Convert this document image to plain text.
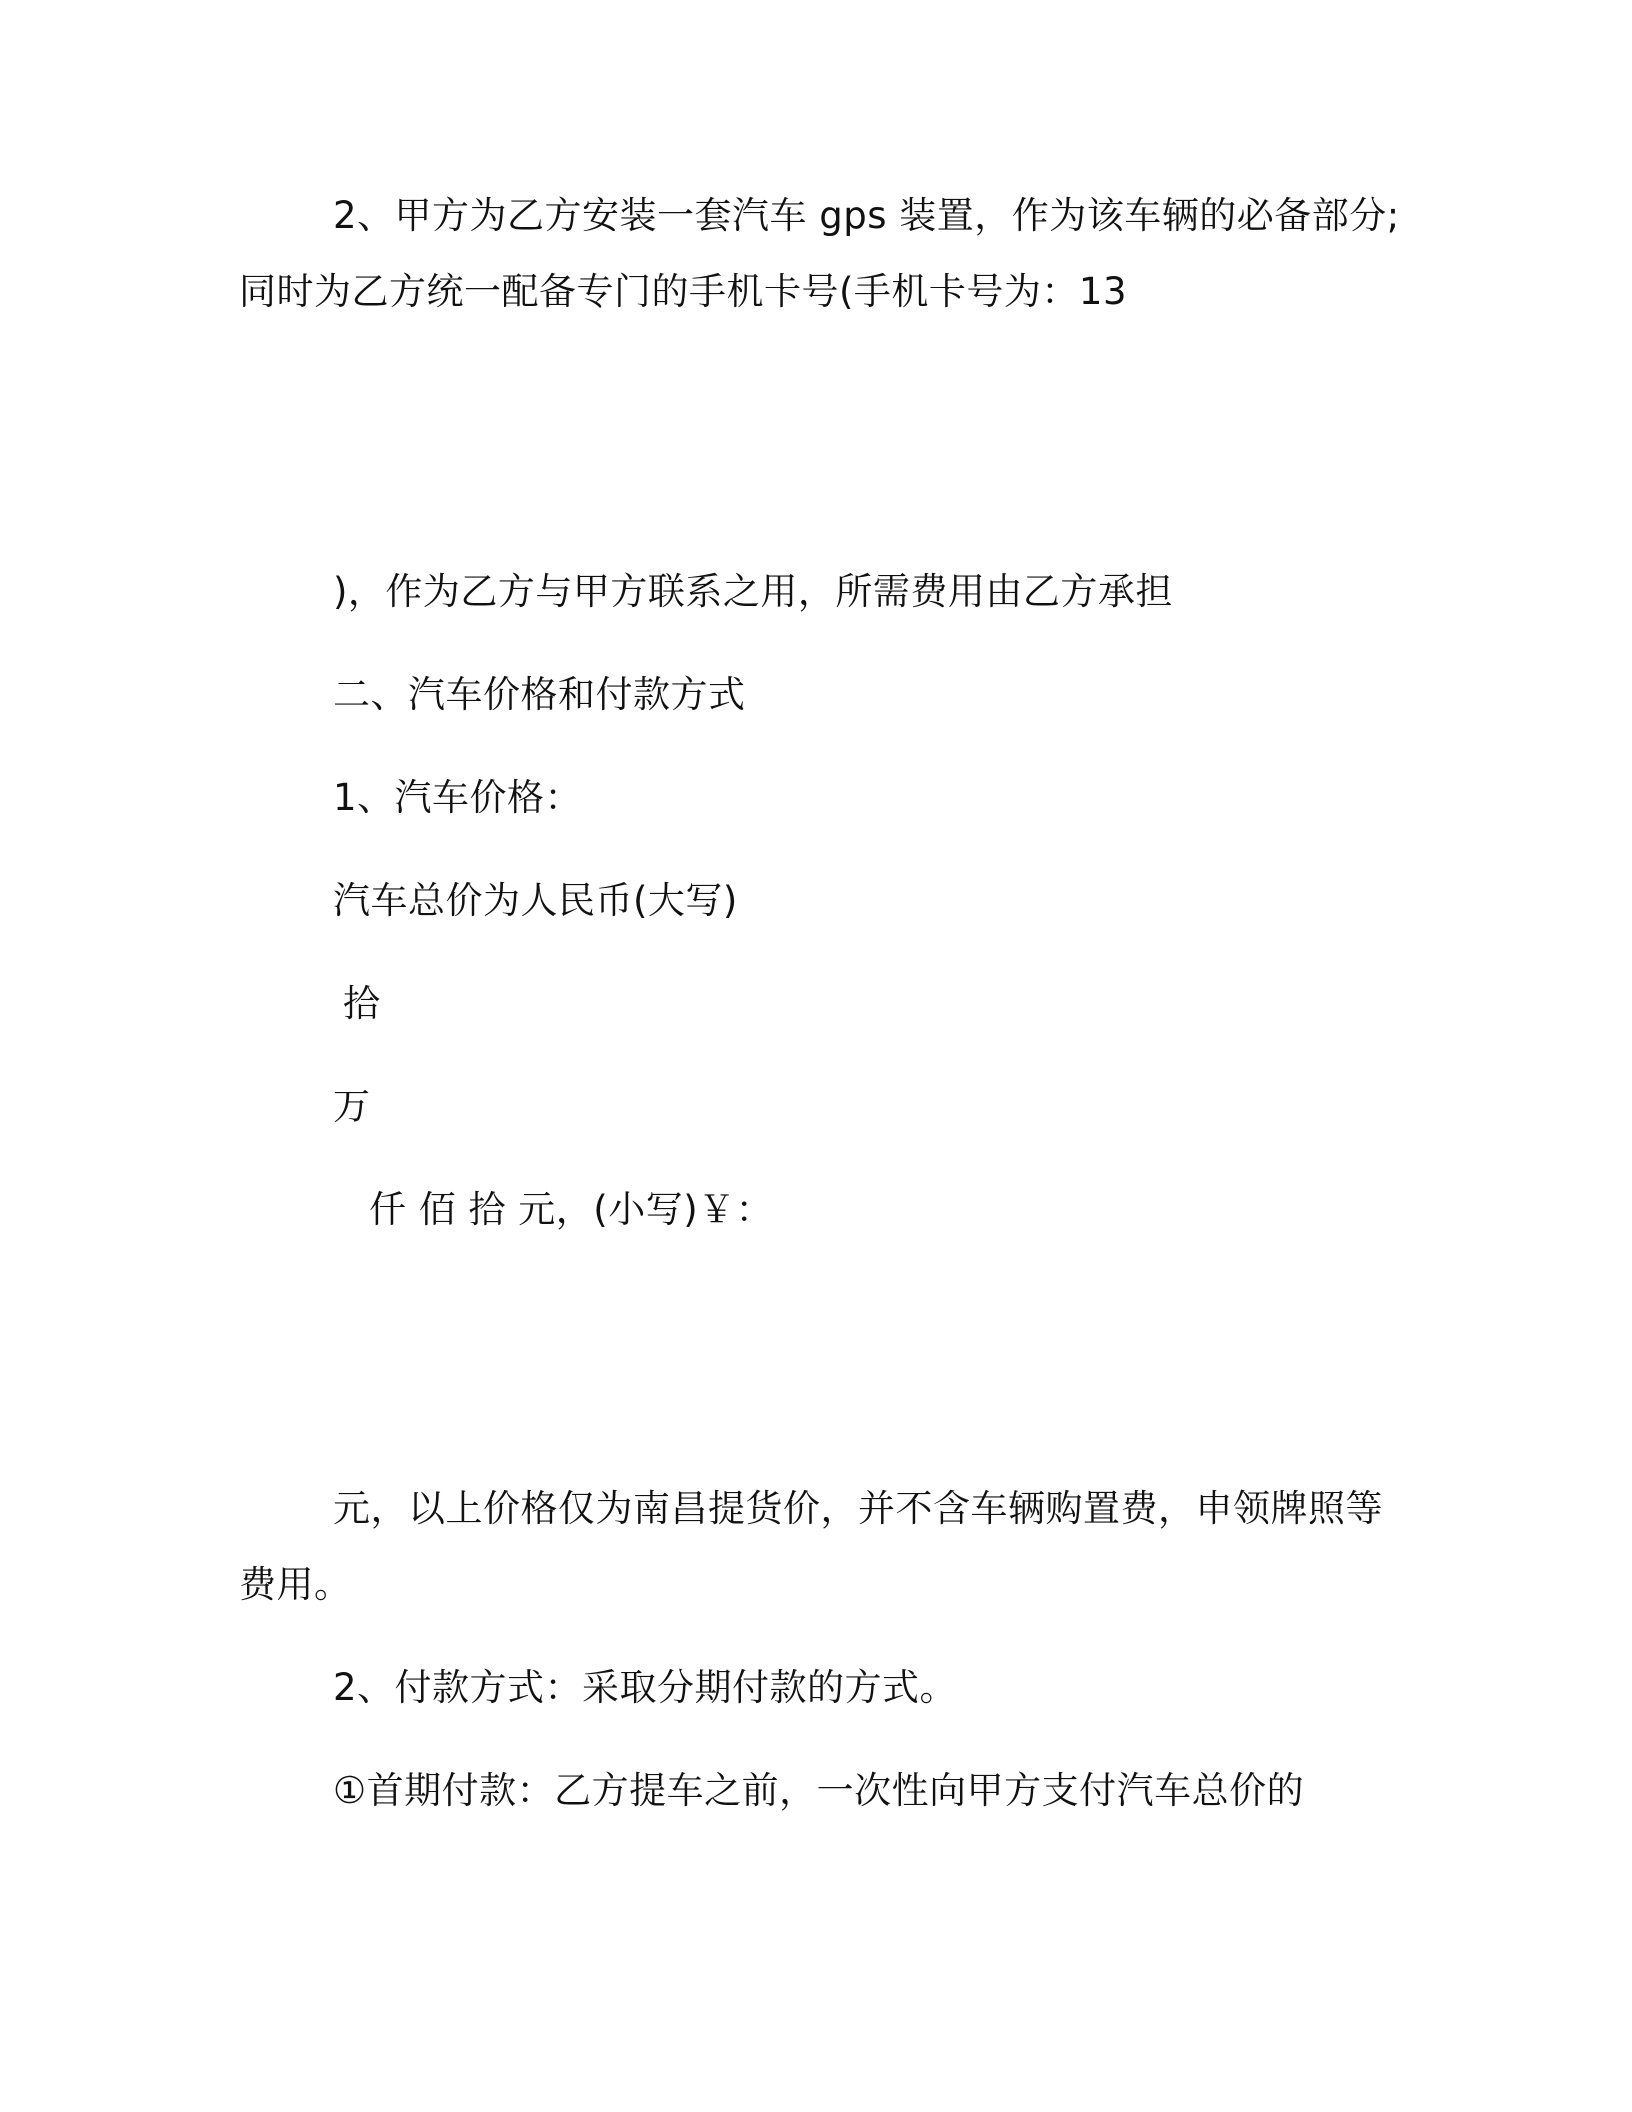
2、甲方为乙方安装一套汽车 gps 装置，作为该车辆的必备部分;
同时为乙方统一配备专门的手机卡号(手机卡号为：13
)，作为乙方与甲方联系之用，所需费用由乙方承担
二、汽车价格和付款方式
1、汽车价格：
汽车总价为人民币(大写)
拾
万
仟 佰 拾 元，(小写)￥：
元，以上价格仅为南昌提货价，并不含车辆购置费，申领牌照等
费用。
2、付款方式：采取分期付款的方式。
①首期付款：乙方提车之前，一次性向甲方支付汽车总价的
